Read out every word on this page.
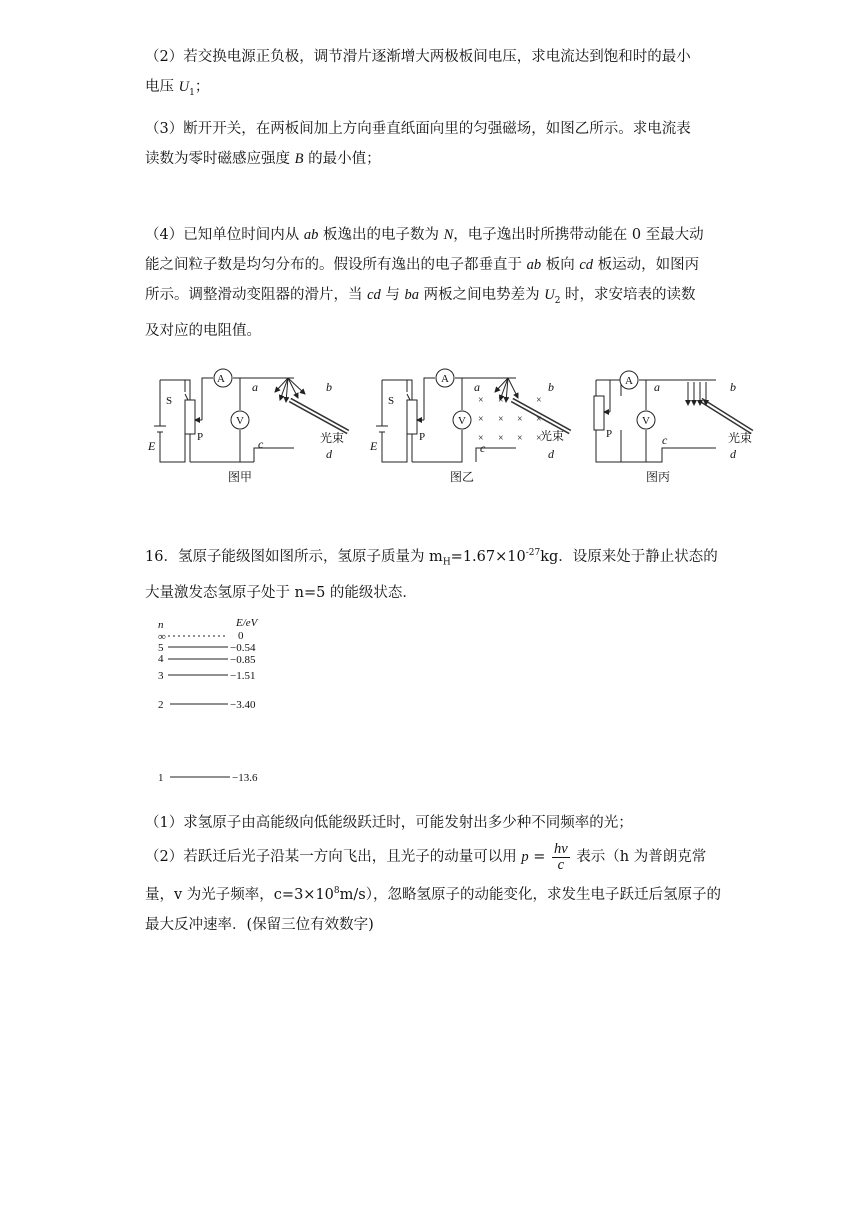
（2）若交换电源正负极，调节滑片逐渐增大两极板间电压，求电流达到饱和时的最小
电压 $U_1$；
（3）断开开关，在两板间加上方向垂直纸面向里的匀强磁场，如图乙所示。求电流表
读数为零时磁感应强度 B 的最小值；
（4）已知单位时间内从 ab 板逸出的电子数为 N，电子逸出时所携带动能在 0 至最大动
能之间粒子数是均匀分布的。假设所有逸出的电子都垂直于 ab 板向 cd 板运动，如图丙
所示。调整滑动变阻器的滑片，当 cd 与 ba 两板之间电势差为 $U_2$ 时，求安培表的读数
及对应的电阻值。
A
V
S
E
P
a	b
c
d
光束
图甲
A
V
S
E
P
a	b
c	d
光束
× ×	×
× × × ×
× × × ×
图乙
A
V
P
a	b
c
d
光束
图丙
16．氢原子能级图如图所示，氢原子质量为 $m_H=1.67\times 10^{-27}kg$．设原来处于静止状态的
大量激发态氢原子处于 n=5 的能级状态．
n	E/eV
∞	0
5	−0.54
4	−0.85
3	−1.51
2	−3.40
1	−13.6
（1）求氢原子由高能级向低能级跃迁时，可能发射出多少种不同频率的光；
（2）若跃迁后光子沿某一方向飞出，且光子的动量可以用 $p = \frac{h\nu}{c}$ 表示（h 为普朗克常
量，v 为光子频率，$c=3\times 10^8m/s$），忽略氢原子的动能变化，求发生电子跃迁后氢原子的
最大反冲速率．(保留三位有效数字)
